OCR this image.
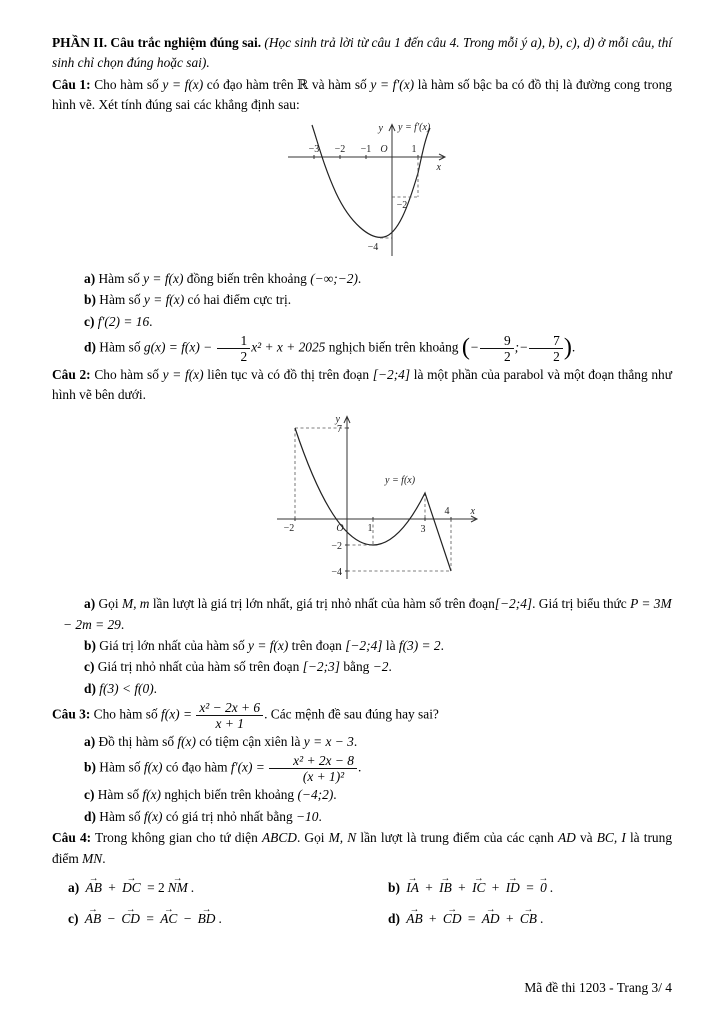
PHẦN II. Câu trắc nghiệm đúng sai. (Học sinh trả lời từ câu 1 đến câu 4. Trong mỗi ý a), b), c), d) ở mỗi câu, thí sinh chỉ chọn đúng hoặc sai).

Câu 1: Cho hàm số y = f(x) có đạo hàm trên ℝ và hàm số y = f′(x) là hàm số bậc ba có đồ thị là đường cong trong hình vẽ. Xét tính đúng sai các khẳng định sau:

y y = f′(x)
−3 −2 −1 O 1
x
−2
−4

a) Hàm số y = f(x) đồng biến trên khoảng (−∞;−2).

b) Hàm số y = f(x) có hai điểm cực trị.

c) f′(2) = 16.

d) Hàm số $g(x) = f(x) - \frac{1}{2} x^2 + x + 2025$ nghịch biến trên khoảng (− $\frac{9}{2}$ ;− $\frac{7}{2}$ ).

Câu 2: Cho hàm số y = f(x) liên tục và có đồ thị trên đoạn [−2;4] là một phần của parabol và một đoạn thẳng như hình vẽ bên dưới.

y
7
y = f(x)
−2	O 1	3
4 x
−2
−4

a) Gọi M, m lần lượt là giá trị lớn nhất, giá trị nhỏ nhất của hàm số trên đoạn[−2;4]. Giá trị biểu thức P = 3M − 2m = 29.

b) Giá trị lớn nhất của hàm số y = f(x) trên đoạn [−2;4] là f(3) = 2.

c) Giá trị nhỏ nhất của hàm số trên đoạn [−2;3] bằng −2.

d) f(3) < f(0).

Câu 3: Cho hàm số $f(x) = \frac{\text{x² − 2x + 6}}{x + 1}$ . Các mệnh đề sau đúng hay sai?

a) Đồ thị hàm số f(x) có tiệm cận xiên là y = x − 3.

b) Hàm số f(x) có đạo hàm $f'(x) = \frac{\text{x² + 2x − 8}}{\text{(x + 1)²}}$ .

c) Hàm số f(x) nghịch biến trên khoảng (−4;2).

d) Hàm số f(x) có giá trị nhỏ nhất bằng −10.

Câu 4: Trong không gian cho tứ diện ABCD. Gọi M, N lần lượt là trung điểm của các cạnh AD và BC, I là trung điểm MN.

a) AB → + DC → = 2 NM → .	b) IA → + IB → + IC → + ID → = 0 → .

c) AB → − CD → = AC → − BD → .	d) AB → + CD → = AD → + CB → .

Mã đề thi 1203 - Trang 3/ 4
